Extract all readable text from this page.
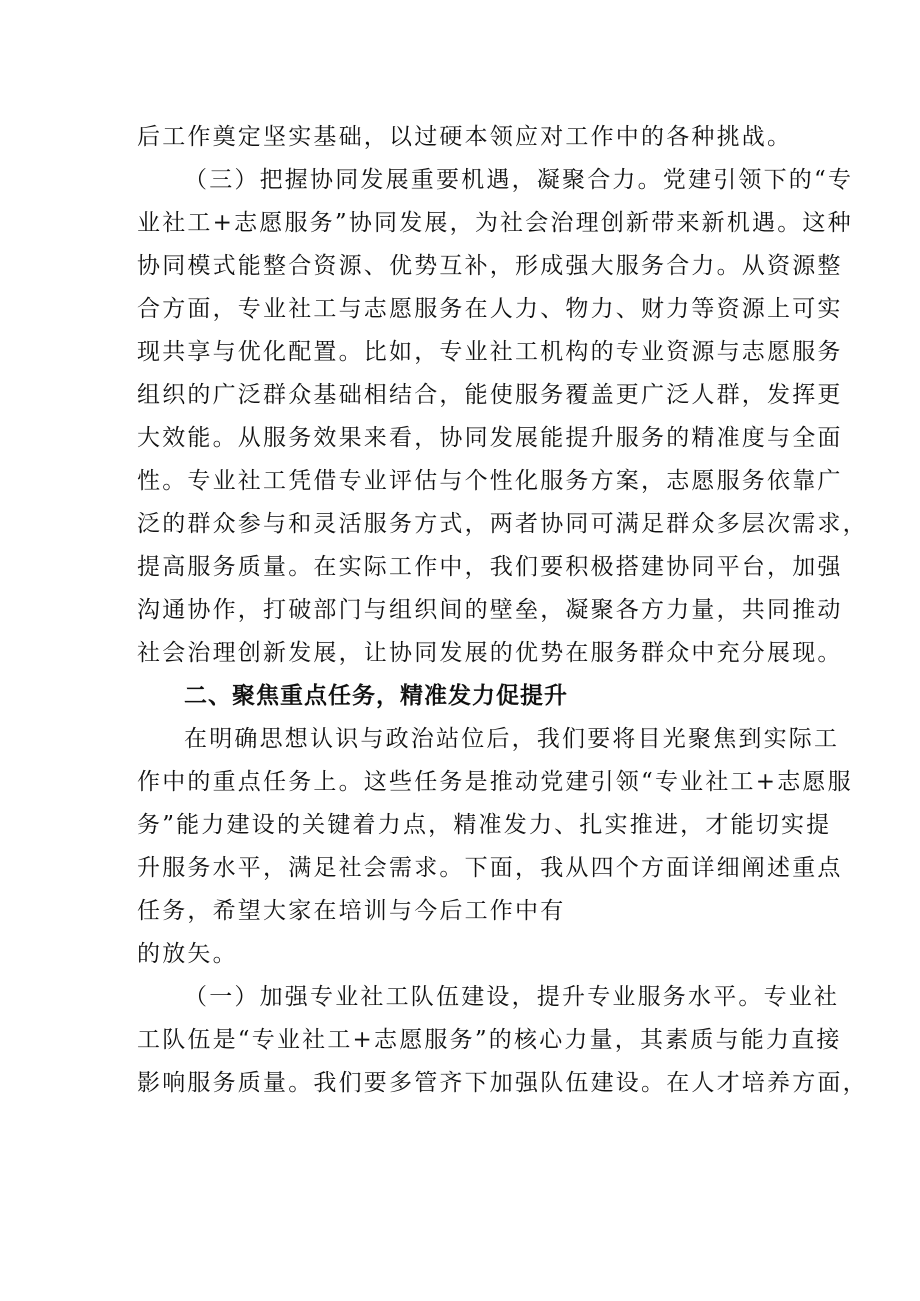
后工作奠定坚实基础，以过硬本领应对工作中的各种挑战。
（三）把握协同发展重要机遇，凝聚合力。党建引领下的“专
业社工+志愿服务”协同发展，为社会治理创新带来新机遇。这种
协同模式能整合资源、优势互补，形成强大服务合力。从资源整
合方面，专业社工与志愿服务在人力、物力、财力等资源上可实
现共享与优化配置。比如，专业社工机构的专业资源与志愿服务
组织的广泛群众基础相结合，能使服务覆盖更广泛人群，发挥更
大效能。从服务效果来看，协同发展能提升服务的精准度与全面
性。专业社工凭借专业评估与个性化服务方案，志愿服务依靠广
泛的群众参与和灵活服务方式，两者协同可满足群众多层次需求，
提高服务质量。在实际工作中，我们要积极搭建协同平台，加强
沟通协作，打破部门与组织间的壁垒，凝聚各方力量，共同推动
社会治理创新发展，让协同发展的优势在服务群众中充分展现。
二、聚焦重点任务，精准发力促提升
在明确思想认识与政治站位后，我们要将目光聚焦到实际工
作中的重点任务上。这些任务是推动党建引领“专业社工+志愿服
务”能力建设的关键着力点，精准发力、扎实推进，才能切实提
升服务水平，满足社会需求。下面，我从四个方面详细阐述重点
任务，希望大家在培训与今后工作中有
的放矢。
（一）加强专业社工队伍建设，提升专业服务水平。专业社
工队伍是“专业社工+志愿服务”的核心力量，其素质与能力直接
影响服务质量。我们要多管齐下加强队伍建设。在人才培养方面，
